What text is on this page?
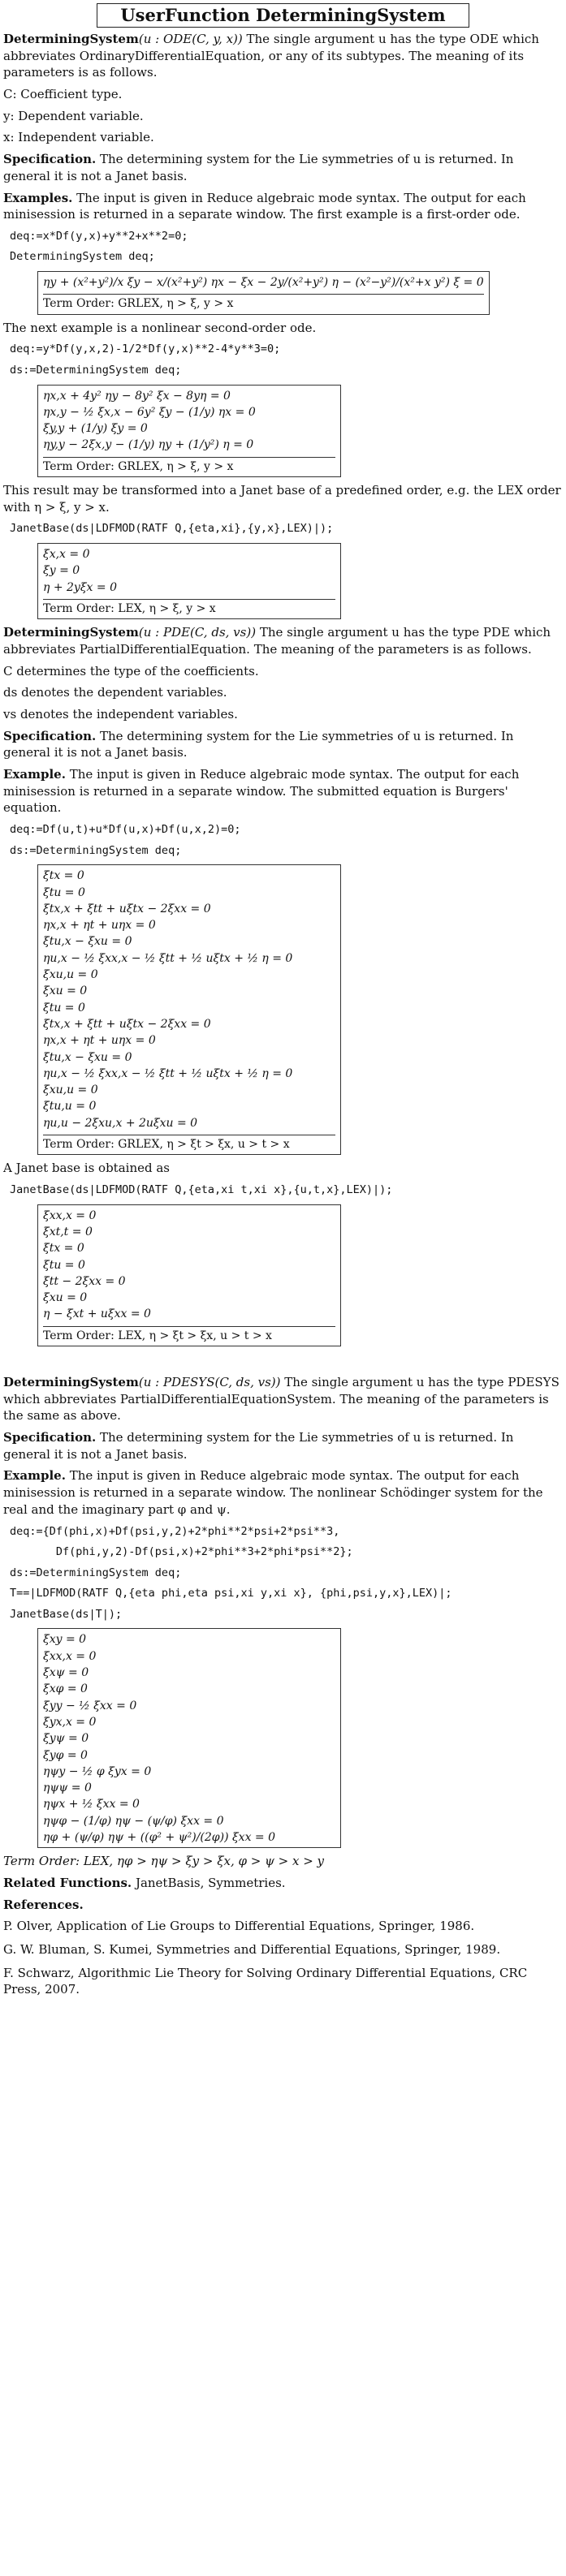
UserFunction DeterminingSystem

DeterminingSystem(u : ODE(C, y, x)) The single argument u has the type ODE which abbreviates OrdinaryDifferentialEquation, or any of its subtypes. The meaning of its parameters is as follows.

C: Coefficient type.

y: Dependent variable.

x: Independent variable.

Specification. The determining system for the Lie symmetries of u is returned. In general it is not a Janet basis.

Examples. The input is given in Reduce algebraic mode syntax. The output for each minisession is returned in a separate window. The first example is a first-order ode.

deq:=x*Df(y,x)+y**2+x**2=0;
DeterminingSystem deq;
ηy + (x²+y²)/x ξy − x/(x²+y²) ηx − ξx − 2y/(x²+y²) η − (x²−y²)/(x²+x y²) ξ = 0
Term Order: GRLEX, η > ξ, y > x

The next example is a nonlinear second-order ode.

deq:=y*Df(y,x,2)-1/2*Df(y,x)**2-4*y**3=0;
ds:=DeterminingSystem deq;
ηx,x + 4y² ηy − 8y² ξx − 8yη = 0
ηx,y − ½ ξx,x − 6y² ξy − (1/y) ηx = 0
ξy,y + (1/y) ξy = 0
ηy,y − 2ξx,y − (1/y) ηy + (1/y²) η = 0
Term Order: GRLEX, η > ξ, y > x

This result may be transformed into a Janet base of a predefined order, e.g. the LEX order with η > ξ, y > x.

JanetBase(ds|LDFMOD(RATF Q,{eta,xi},{y,x},LEX)|);
ξx,x = 0
ξy = 0
η + 2yξx = 0
Term Order: LEX, η > ξ, y > x

DeterminingSystem(u : PDE(C, ds, vs)) The single argument u has the type PDE which abbreviates PartialDifferentialEquation. The meaning of the parameters is as follows.

C determines the type of the coefficients.

ds denotes the dependent variables.

vs denotes the independent variables.

Specification. The determining system for the Lie symmetries of u is returned. In general it is not a Janet basis.

Example. The input is given in Reduce algebraic mode syntax. The output for each minisession is returned in a separate window. The submitted equation is Burgers' equation.

deq:=Df(u,t)+u*Df(u,x)+Df(u,x,2)=0;
ds:=DeterminingSystem deq;
ξtx = 0
ξtu = 0
ξtx,x + ξtt + uξtx − 2ξxx = 0
ηx,x + ηt + uηx = 0
ξtu,x − ξxu = 0
ηu,x − ½ ξxx,x − ½ ξtt + ½ uξtx + ½ η = 0
ξxu,u = 0
ξxu = 0
ξtu = 0
ξtx,x + ξtt + uξtx − 2ξxx = 0
ηx,x + ηt + uηx = 0
ξtu,x − ξxu = 0
ηu,x − ½ ξxx,x − ½ ξtt + ½ uξtx + ½ η = 0
ξxu,u = 0
ξtu,u = 0
ηu,u − 2ξxu,x + 2uξxu = 0
Term Order: GRLEX, η > ξt > ξx, u > t > x

A Janet base is obtained as

JanetBase(ds|LDFMOD(RATF Q,{eta,xi t,xi x},{u,t,x},LEX)|);
ξxx,x = 0
ξxt,t = 0
ξtx = 0
ξtu = 0
ξtt − 2ξxx = 0
ξxu = 0
η − ξxt + uξxx = 0
Term Order: LEX, η > ξt > ξx, u > t > x

DeterminingSystem(u : PDESYS(C, ds, vs)) The single argument u has the type PDESYS which abbreviates PartialDifferentialEquationSystem. The meaning of the parameters is the same as above.

Specification. The determining system for the Lie symmetries of u is returned. In general it is not a Janet basis.

Example. The input is given in Reduce algebraic mode syntax. The output for each minisession is returned in a separate window. The nonlinear Schödinger system for the real and the imaginary part φ and ψ.

deq:={Df(phi,x)+Df(psi,y,2)+2*phi**2*psi+2*psi**3,
Df(phi,y,2)-Df(psi,x)+2*phi**3+2*phi*psi**2};
ds:=DeterminingSystem deq;
T==|LDFMOD(RATF Q,{eta phi,eta psi,xi y,xi x}, {phi,psi,y,x},LEX)|;
JanetBase(ds|T|);
ξxy = 0
ξxx,x = 0
ξxψ = 0
ξxφ = 0
ξyy − ½ ξxx = 0
ξyx,x = 0
ξyψ = 0
ξyφ = 0
ηψy − ½ φ ξyx = 0
ηψψ = 0
ηψx + ½ ξxx = 0
ηψφ − (1/φ) ηψ − (ψ/φ) ξxx = 0
ηφ + (ψ/φ) ηψ + ((φ² + ψ²)/(2φ)) ξxx = 0

Term Order: LEX, ηφ > ηψ > ξy > ξx, φ > ψ > x > y

Related Functions. JanetBasis, Symmetries.

References.

P. Olver, Application of Lie Groups to Differential Equations, Springer, 1986.

G. W. Bluman, S. Kumei, Symmetries and Differential Equations, Springer, 1989.

F. Schwarz, Algorithmic Lie Theory for Solving Ordinary Differential Equations, CRC Press, 2007.
